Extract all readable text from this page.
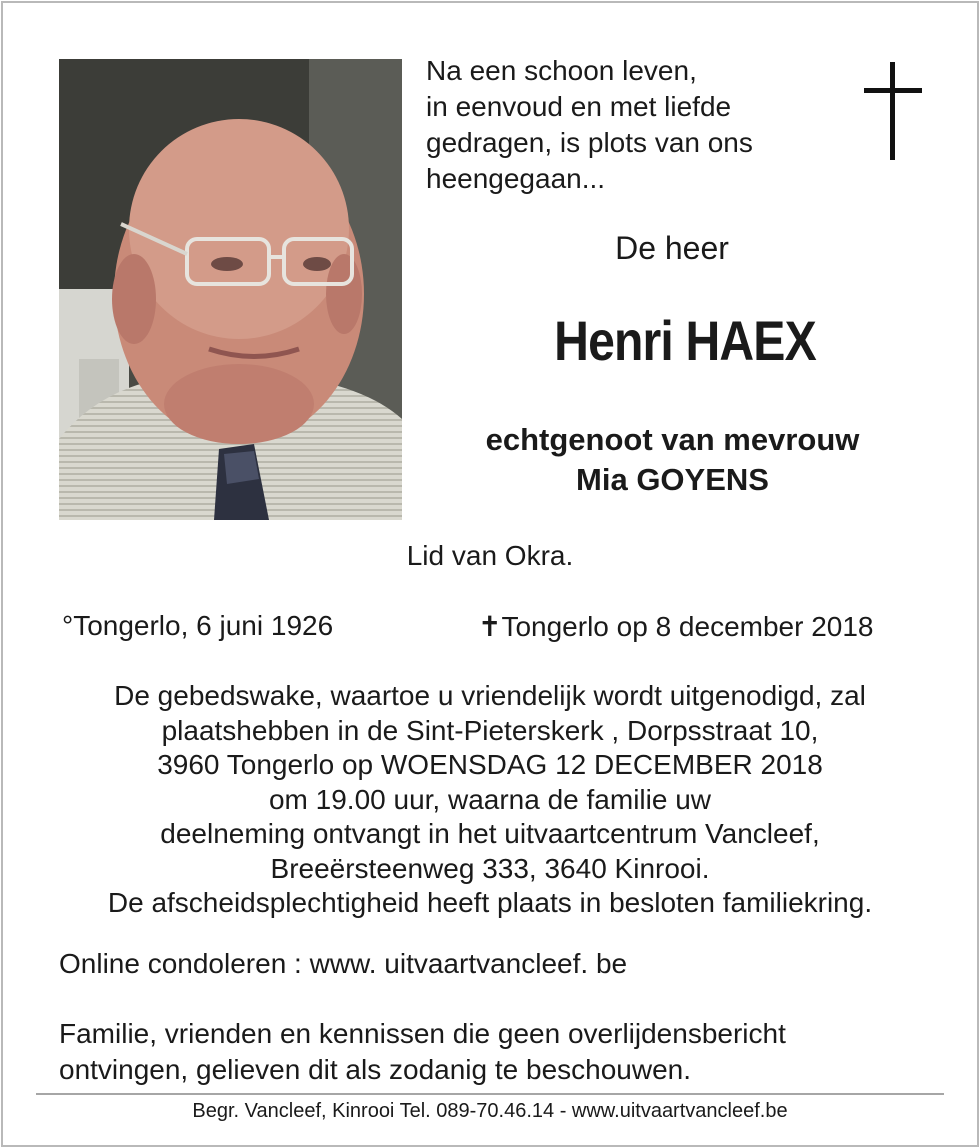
Na een schoon leven,
in eenvoud en met liefde
gedragen, is plots van ons
heengegaan...
De heer
Henri HAEX
echtgenoot van mevrouw
Mia GOYENS
Lid van Okra.
°Tongerlo, 6 juni 1926	✝Tongerlo op 8 december 2018
De gebedswake, waartoe u vriendelijk wordt uitgenodigd, zal
plaatshebben in de Sint-Pieterskerk , Dorpsstraat 10,
3960 Tongerlo op WOENSDAG 12 DECEMBER 2018
om 19.00 uur, waarna de familie uw
deelneming ontvangt in het uitvaartcentrum Vancleef,
Breeërsteenweg 333, 3640 Kinrooi.
De afscheidsplechtigheid heeft plaats in besloten familiekring.
Online condoleren : www. uitvaartvancleef. be
Familie, vrienden en kennissen die geen overlijdensbericht
ontvingen, gelieven dit als zodanig te beschouwen.
Begr. Vancleef, Kinrooi Tel. 089-70.46.14 - www.uitvaartvancleef.be
